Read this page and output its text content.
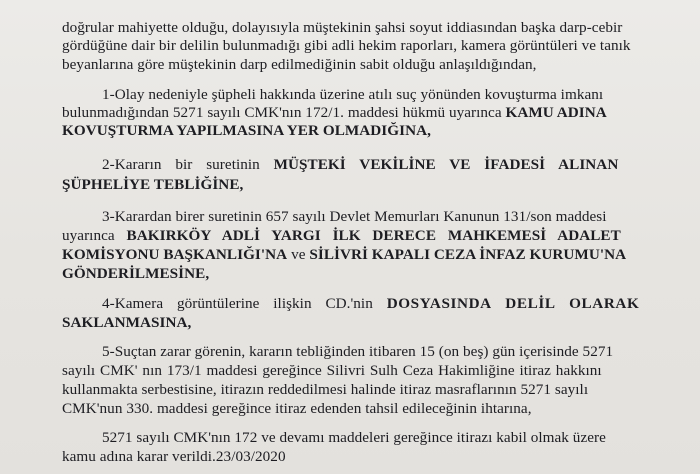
doğrular mahiyette olduğu, dolayısıyla müştekinin şahsi soyut iddiasından başka darp-cebir
gördüğüne dair bir delilin bulunmadığı gibi adli hekim raporları, kamera görüntüleri ve tanık
beyanlarına göre müştekinin darp edilmediğinin sabit olduğu anlaşıldığından,
1-Olay nedeniyle şüpheli hakkında üzerine atılı suç yönünden kovuşturma imkanı
bulunmadığından 5271 sayılı CMK'nın 172/1. maddesi hükmü uyarınca KAMU ADINA
KOVUŞTURMA YAPILMASINA YER OLMADIĞINA,
2-Kararın bir suretinin MÜŞTEKİ VEKİLİNE VE İFADESİ ALINAN
ŞÜPHELİYE TEBLİĞİNE,
3-Karardan birer suretinin 657 sayılı Devlet Memurları Kanunun 131/son maddesi
uyarınca BAKIRKÖY ADLİ YARGI İLK DERECE MAHKEMESİ ADALET
KOMİSYONU BAŞKANLIĞI'NA ve SİLİVRİ KAPALI CEZA İNFAZ KURUMU'NA
GÖNDERİLMESİNE,
4-Kamera görüntülerine ilişkin CD.'nin DOSYASINDA DELİL OLARAK
SAKLANMASINA,
5-Suçtan zarar görenin, kararın tebliğinden itibaren 15 (on beş) gün içerisinde 5271
sayılı CMK' nın 173/1 maddesi gereğince Silivri Sulh Ceza Hakimliğine itiraz hakkını
kullanmakta serbestisine, itirazın reddedilmesi halinde itiraz masraflarının 5271 sayılı
CMK'nun 330. maddesi gereğince itiraz edenden tahsil edileceğinin ihtarına,
5271 sayılı CMK'nın 172 ve devamı maddeleri gereğince itirazı kabil olmak üzere
kamu adına karar verildi.23/03/2020
